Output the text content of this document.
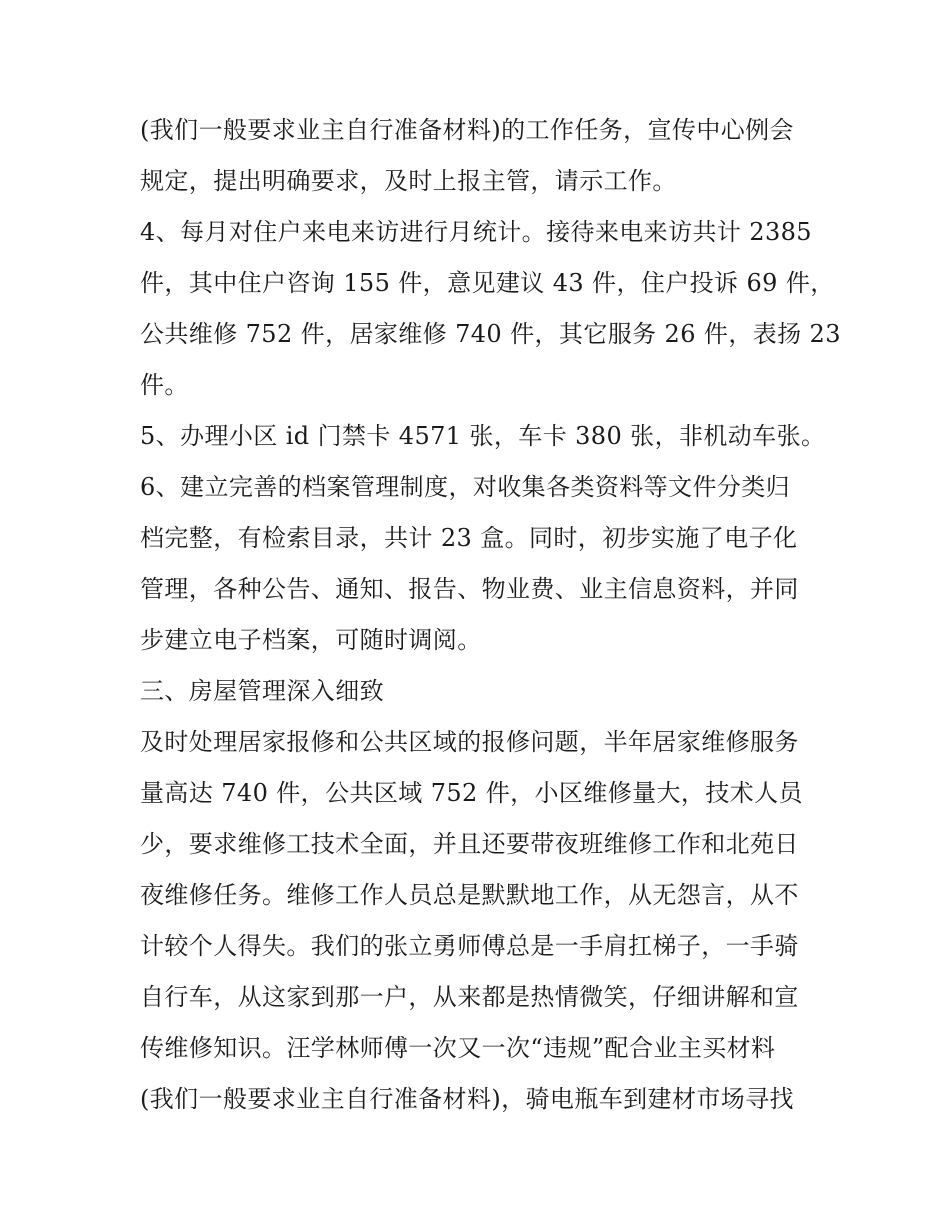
(我们一般要求业主自行准备材料)的工作任务，宣传中心例会
规定，提出明确要求，及时上报主管，请示工作。
4、每月对住户来电来访进行月统计。接待来电来访共计 2385
件，其中住户咨询 155 件，意见建议 43 件，住户投诉 69 件，
公共维修 752 件，居家维修 740 件，其它服务 26 件，表扬 23
件。
5、办理小区 id 门禁卡 4571 张，车卡 380 张，非机动车张。
6、建立完善的档案管理制度，对收集各类资料等文件分类归
档完整，有检索目录，共计 23 盒。同时，初步实施了电子化
管理，各种公告、通知、报告、物业费、业主信息资料，并同
步建立电子档案，可随时调阅。
三、房屋管理深入细致
及时处理居家报修和公共区域的报修问题，半年居家维修服务
量高达 740 件，公共区域 752 件，小区维修量大，技术人员
少，要求维修工技术全面，并且还要带夜班维修工作和北苑日
夜维修任务。维修工作人员总是默默地工作，从无怨言，从不
计较个人得失。我们的张立勇师傅总是一手肩扛梯子，一手骑
自行车，从这家到那一户，从来都是热情微笑，仔细讲解和宣
传维修知识。汪学林师傅一次又一次“违规”配合业主买材料
(我们一般要求业主自行准备材料)，骑电瓶车到建材市场寻找
